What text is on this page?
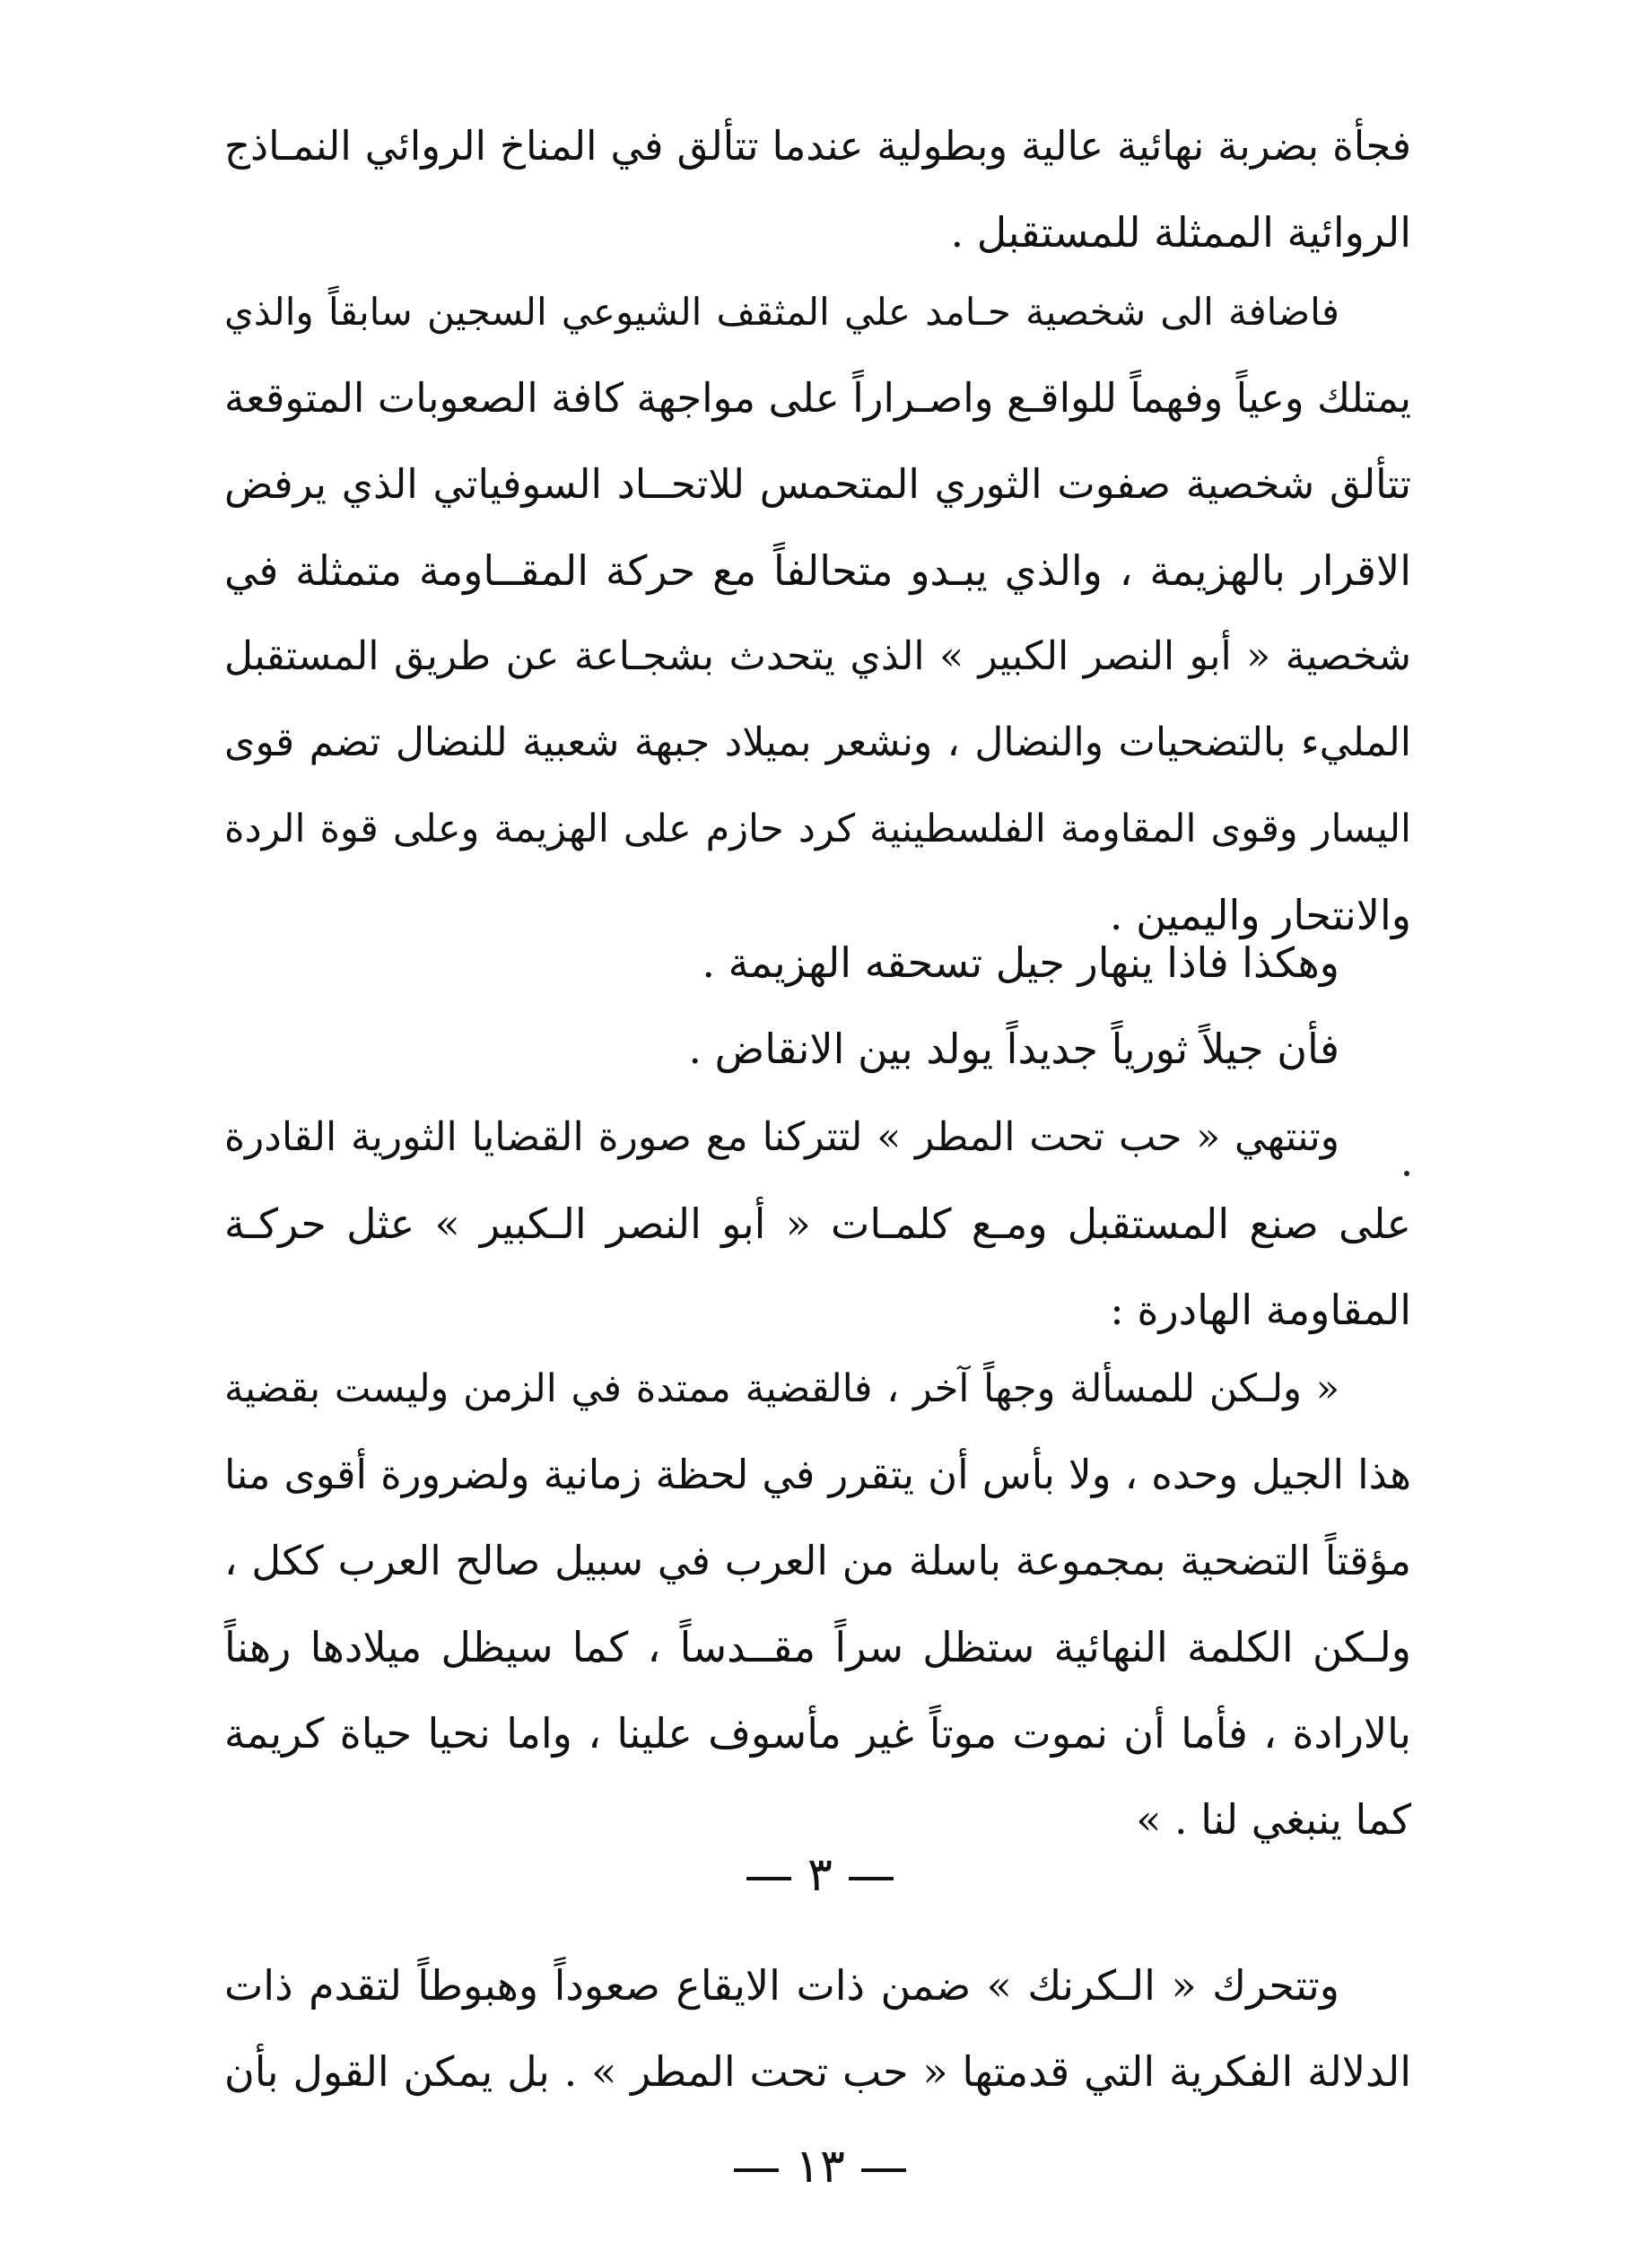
فجأة بضربة نهائية عالية وبطولية عندما تتألق في المناخ الروائي النمـاذج
الروائية الممثلة للمستقبل .
فاضافة الى شخصية حـامد علي المثقف الشيوعي السجين سابقاً والذي
يمتلك وعياً وفهماً للواقـع واصـراراً على مواجهة كافة الصعوبات المتوقعة
تتألق شخصية صفوت الثوري المتحمس للاتحــاد السوفياتي الذي يرفض
الاقرار بالهزيمة ، والذي يبـدو متحالفاً مع حركة المقــاومة متمثلة في
شخصية « أبو النصر الكبير » الذي يتحدث بشجـاعة عن طريق المستقبل
المليء بالتضحيات والنضال ، ونشعر بميلاد جبهة شعبية للنضال تضم قوى
اليسار وقوى المقاومة الفلسطينية كرد حازم على الهزيمة وعلى قوة الردة
والانتحار واليمين .
وهكذا فاذا ينهار جيل تسحقه الهزيمة .
فأن جيلاً ثورياً جديداً يولد بين الانقاض .
وتنتهي « حب تحت المطر » لتتركنا مع صورة القضايا الثورية القادرة
على صنع المستقبل ومـع كلمـات « أبو النصر الـكبير » عثل حركـة
المقاومة الهادرة :
« ولـكن للمسألة وجهاً آخر ، فالقضية ممتدة في الزمن وليست بقضية
هذا الجيل وحده ، ولا بأس أن يتقرر في لحظة زمانية ولضرورة أقوى منا
مؤقتاً التضحية بمجموعة باسلة من العرب في سبيل صالح العرب ككل ،
ولـكن الكلمة النهائية ستظل سراً مقــدساً ، كما سيظل ميلادها رهناً
بالارادة ، فأما أن نموت موتاً غير مأسوف علينا ، واما نحيا حياة كريمة
كما ينبغي لنا . »
٣
وتتحرك « الـكرنك » ضمن ذات الايقاع صعوداً وهبوطاً لتقدم ذات
الدلالة الفكرية التي قدمتها « حب تحت المطر » . بل يمكن القول بأن
١٣
